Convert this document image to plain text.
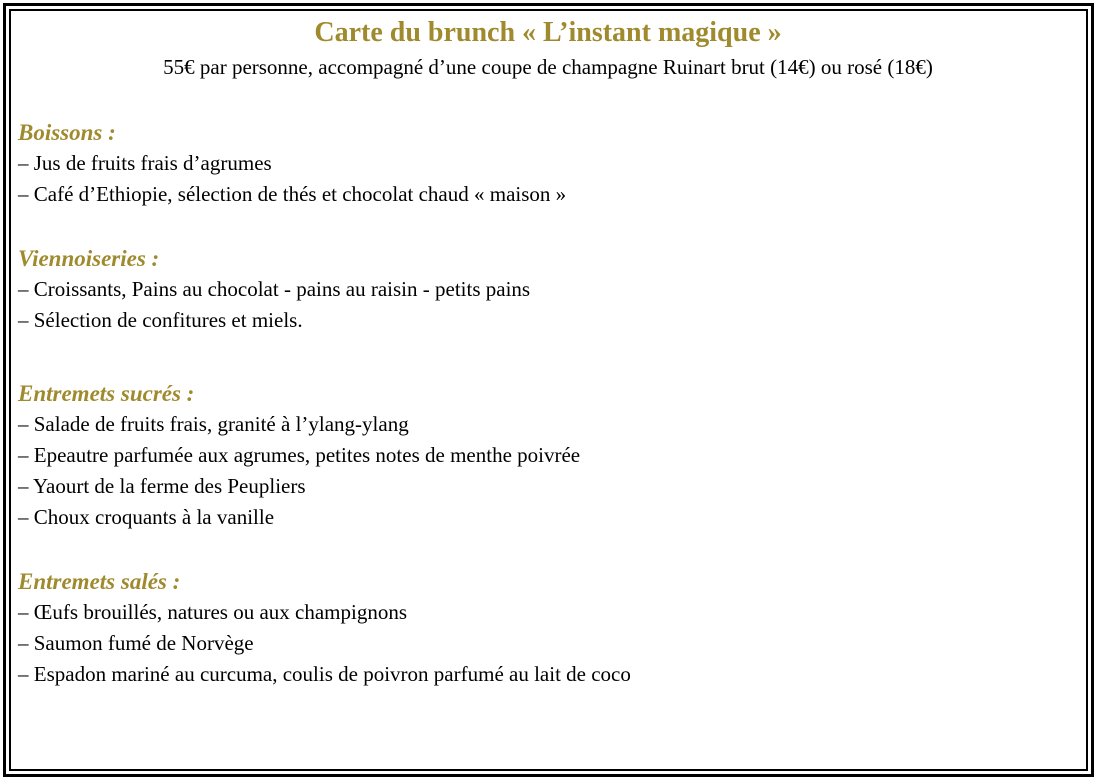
Carte du brunch « L’instant magique »

55€ par personne, accompagné d’une coupe de champagne Ruinart brut (14€) ou rosé (18€)

Boissons :

– Jus de fruits frais d’agrumes

– Café d’Ethiopie, sélection de thés et chocolat chaud « maison »

Viennoiseries :

– Croissants, Pains au chocolat - pains au raisin - petits pains

– Sélection de confitures et miels.

Entremets sucrés :

– Salade de fruits frais, granité à l’ylang-ylang

– Epeautre parfumée aux agrumes, petites notes de menthe poivrée

– Yaourt de la ferme des Peupliers

– Choux croquants à la vanille

Entremets salés :

– Œufs brouillés, natures ou aux champignons

– Saumon fumé de Norvège

– Espadon mariné au curcuma, coulis de poivron parfumé au lait de coco
